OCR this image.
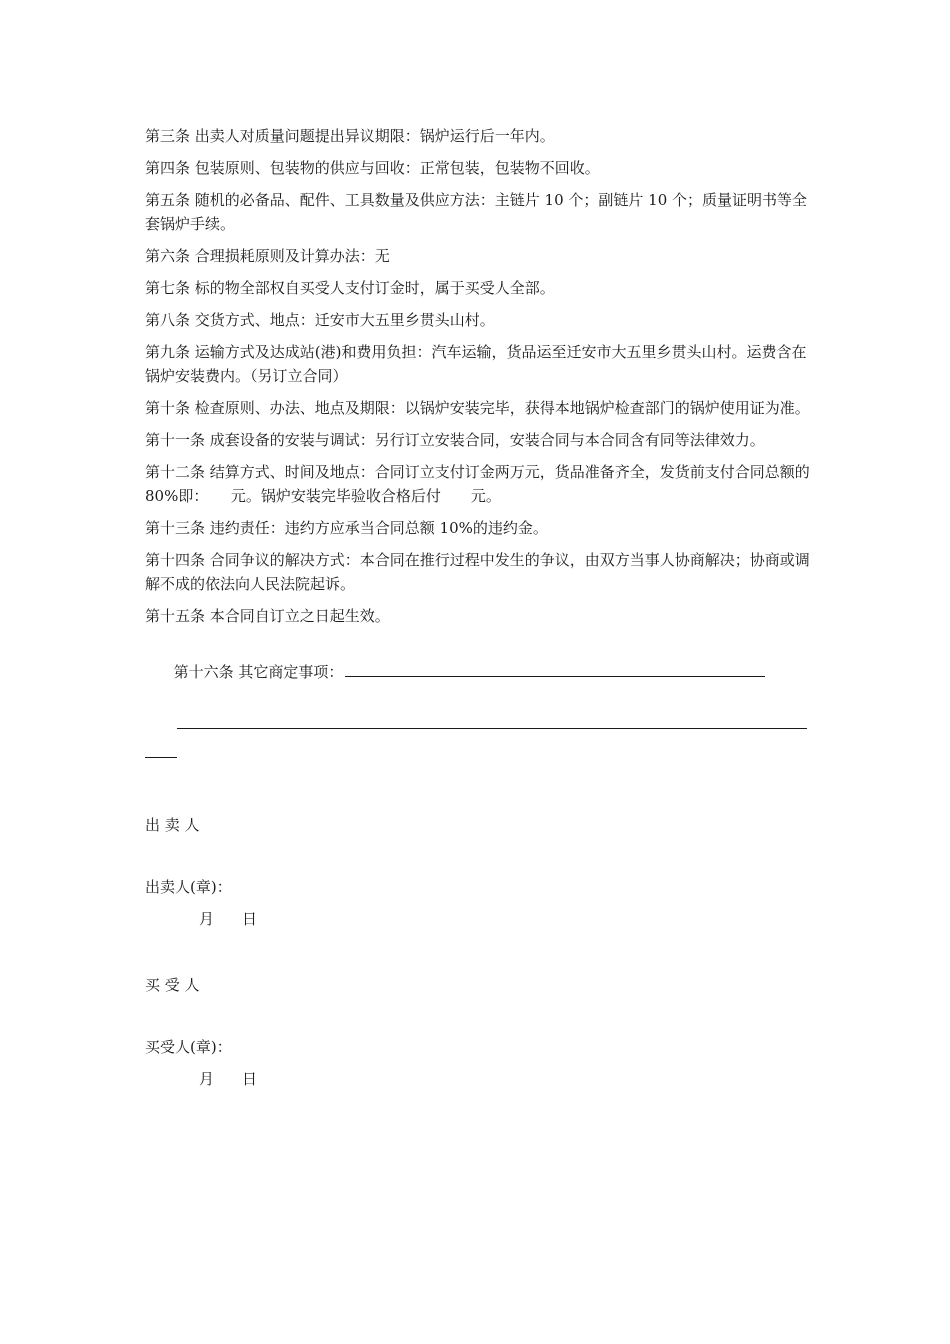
第三条 出卖人对质量问题提出异议期限：锅炉运行后一年内。

第四条 包装原则、包装物的供应与回收：正常包装，包装物不回收。

第五条 随机的必备品、配件、工具数量及供应方法：主链片 10 个；副链片 10 个；质量证明书等全套锅炉手续。

第六条 合理损耗原则及计算办法：无

第七条 标的物全部权自买受人支付订金时，属于买受人全部。

第八条 交货方式、地点：迁安市大五里乡贯头山村。

第九条 运输方式及达成站(港)和费用负担：汽车运输，货品运至迁安市大五里乡贯头山村。运费含在锅炉安装费内。（另订立合同）

第十条 检查原则、办法、地点及期限：以锅炉安装完毕，获得本地锅炉检查部门的锅炉使用证为准。

第十一条 成套设备的安装与调试：另行订立安装合同，安装合同与本合同含有同等法律效力。

第十二条 结算方式、时间及地点：合同订立支付订金两万元，货品准备齐全，发货前支付合同总额的 80%即：　　元。锅炉安装完毕验收合格后付　　元。

第十三条 违约责任：违约方应承当合同总额 10%的违约金。

第十四条 合同争议的解决方式：本合同在推行过程中发生的争议，由双方当事人协商解决；协商或调解不成的依法向人民法院起诉。

第十五条 本合同自订立之日起生效。

第十六条 其它商定事项：

出 卖 人
出卖人(章)：
月 日
买 受 人
买受人(章)：
月 日
